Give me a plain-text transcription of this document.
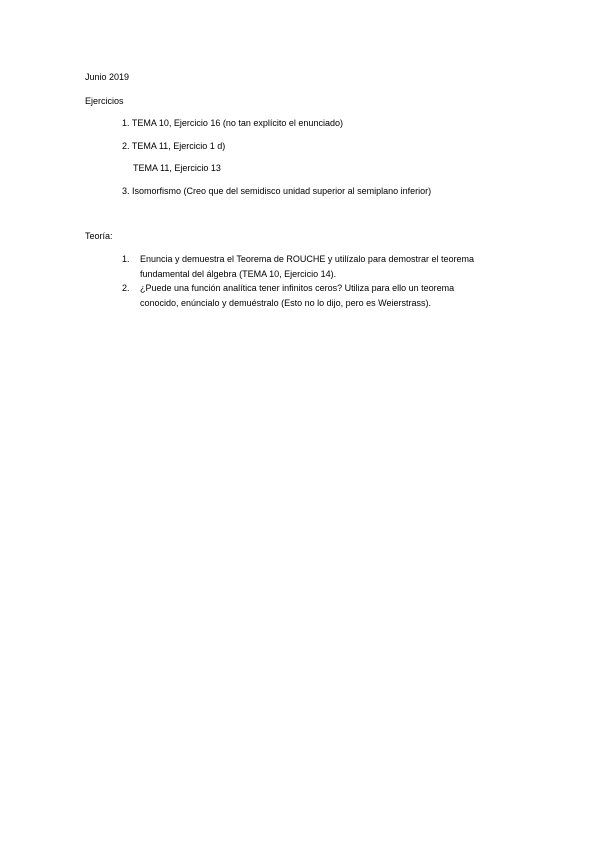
Junio 2019
Ejercicios
1. TEMA 10, Ejercicio 16 (no tan explícito el enunciado)
2. TEMA 11, Ejercicio 1 d)
TEMA 11, Ejercicio 13
3. Isomorfismo (Creo que del semidisco unidad superior al semiplano inferior)
Teoría:
1. Enuncia y demuestra el Teorema de ROUCHE y utilízalo para demostrar el teorema
fundamental del álgebra (TEMA 10, Ejercicio 14).
2. ¿Puede una función analítica tener infinitos ceros? Utiliza para ello un teorema
conocido, enúncialo y demuéstralo (Esto no lo dijo, pero es Weierstrass).
